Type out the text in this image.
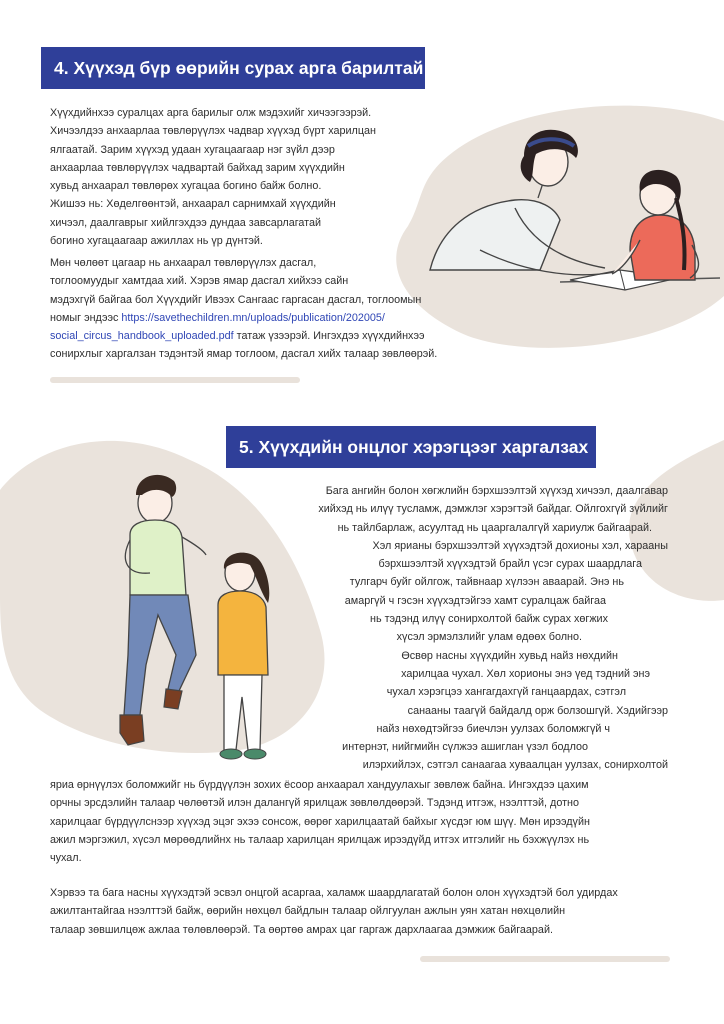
4. Хүүхэд бүр өөрийн сурах арга барилтай
Хүүхдийнхээ суралцах арга барилыг олж мэдэхийг хичээгээрэй.
Хичээлдээ анхаарлаа төвлөрүүлэх чадвар хүүхэд бүрт харилцан
ялгаатай. Зарим хүүхэд удаан хугацаагаар нэг зүйл дээр
анхаарлаа төвлөрүүлэх чадвартай байхад зарим хүүхдийн
хувьд анхаарал төвлөрөх хугацаа богино байж болно.
Жишээ нь: Хөделгөөнтэй, анхаарал сарнимхай хүүхдийн
хичээл, даалгаврыг хийлгэхдээ дундаа завсарлагатай
богино хугацаагаар ажиллах нь үр дүнтэй.
Мөн чөлөөт цагаар нь анхаарал төвлөрүүлэх дасгал,
тоглоомуудыг хамтдаа хий. Хэрэв ямар дасгал хийхээ сайн
мэдэхгүй байгаа бол Хүүхдийг Ивээх Сангаас гаргасан дасгал, тоглоомын
номыг эндээс https://savethechildren.mn/uploads/publication/202005/
social_circus_handbook_uploaded.pdf татаж үзээрэй. Ингэхдээ хүүхдийнхээ
сонирхлыг харгалзан тэдэнтэй ямар тоглоом, дасгал хийх талаар зөвлөөрэй.
5. Хүүхдийн онцлог хэрэгцээг харгалзах
Бага ангийн болон хөгжлийн бэрхшээлтэй хүүхэд хичээл, даалгавар
хийхэд нь илүү тусламж, дэмжлэг хэрэгтэй байдаг. Ойлгохгүй зүйлийг
нь тайлбарлаж, асуултад нь цааргалалгүй хариулж байгаарай.
Хэл ярианы бэрхшээлтэй хүүхэдтэй дохионы хэл, харааны
бэрхшээлтэй хүүхэдтэй брайл үсэг сурах шаардлага
тулгарч буйг ойлгож, тайвнаар хүлээн аваарай. Энэ нь
амаргүй ч гэсэн хүүхэдтэйгээ хамт суралцаж байгаа
нь тэдэнд илүү сонирхолтой байж сурах хөгжих
хүсэл эрмэлзлийг улам өдөөх болно.
Өсвөр насны хүүхдийн хувьд найз нөхдийн
харилцаа чухал. Хөл хорионы энэ үед тэдний энэ
чухал хэрэгцээ хангагдахгүй ганцаардах, сэтгэл
санааны таагүй байдалд орж болзошгүй. Хэдийгээр
найз нөхөдтэйгээ биечлэн уулзах боломжгүй ч
интернэт, нийгмийн сүлжээ ашиглан үзэл бодлоо
илэрхийлэх, сэтгэл санаагаа хуваалцан уулзах, сонирхолтой
яриа өрнүүлэх боломжийг нь бүрдүүлэн зохих ёсоор анхаарал хандуулахыг зөвлөж байна. Ингэхдээ цахим
орчны эрсдэлийн талаар чөлөөтэй илэн далангүй ярилцаж зөвлөлдөөрэй. Тэдэнд итгэж, нээлттэй, дотно
харилцааг бүрдүүлснээр хүүхэд эцэг эхээ сонсож, өөрөг харилцаатай байхыг хүсдэг юм шүү. Мөн ирээдүйн
ажил мэргэжил, хүсэл мөрөөдлийнх нь талаар харилцан ярилцаж ирээдүйд итгэх итгэлийг нь бэхжүүлэх нь
чухал.
Хэрвээ та бага насны хүүхэдтэй эсвэл онцгой асаргаа, халамж шаардлагатай болон олон хүүхэдтэй бол удирдах
ажилтантайгаа нээлттэй байж, өөрийн нөхцөл байдлын талаар ойлгуулан ажлын уян хатан нөхцөлийн
талаар зөвшилцөж ажлаа төлөвлөөрэй. Та өөртөө амрах цаг гаргаж дархлаагаа дэмжиж байгаарай.
